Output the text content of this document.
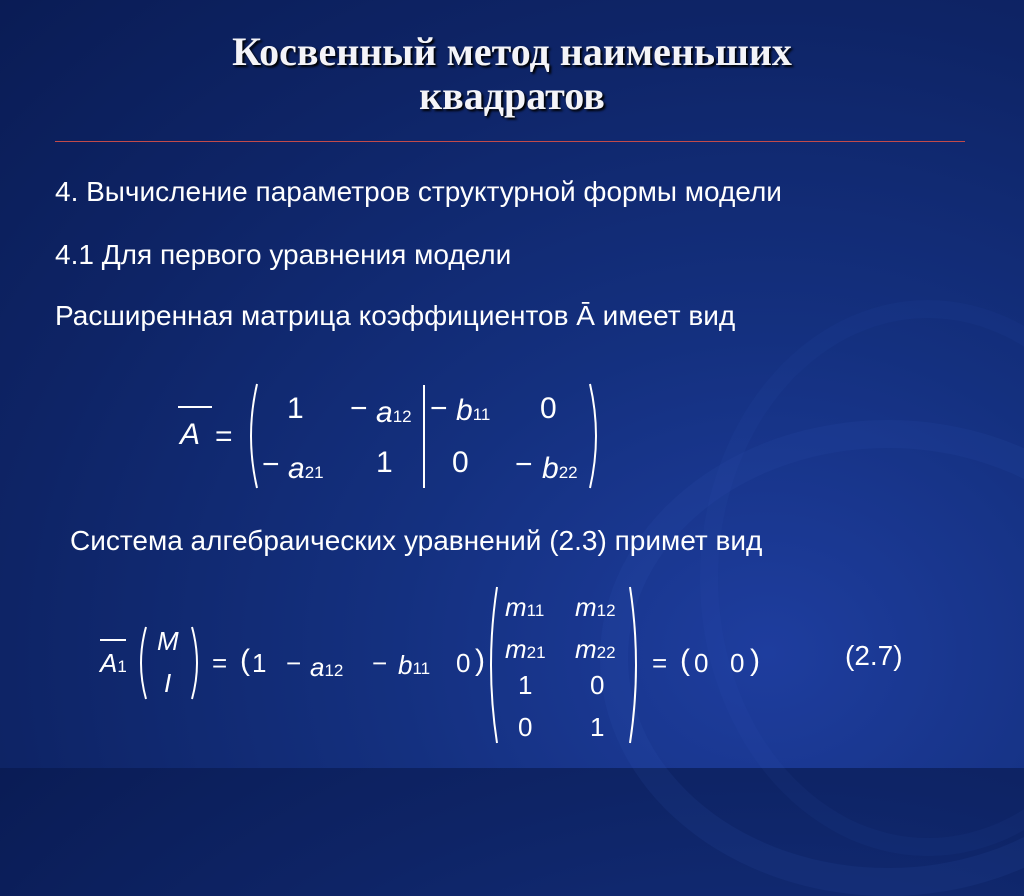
Косвенный метод наименьших
квадратов
4. Вычисление параметров структурной формы модели
4.1 Для первого уравнения модели
Расширенная матрица коэффициентов Ā имеет вид
A =
1 − a12 − b11 0
− a21 1 0 − b22
Система алгебраических уравнений (2.3) примет вид
A1
M
I
= ( 1 − a12 − b11 0 )
m11 m12
m21 m22
1 0
0 1
= ( 0 0 )	(2.7)
